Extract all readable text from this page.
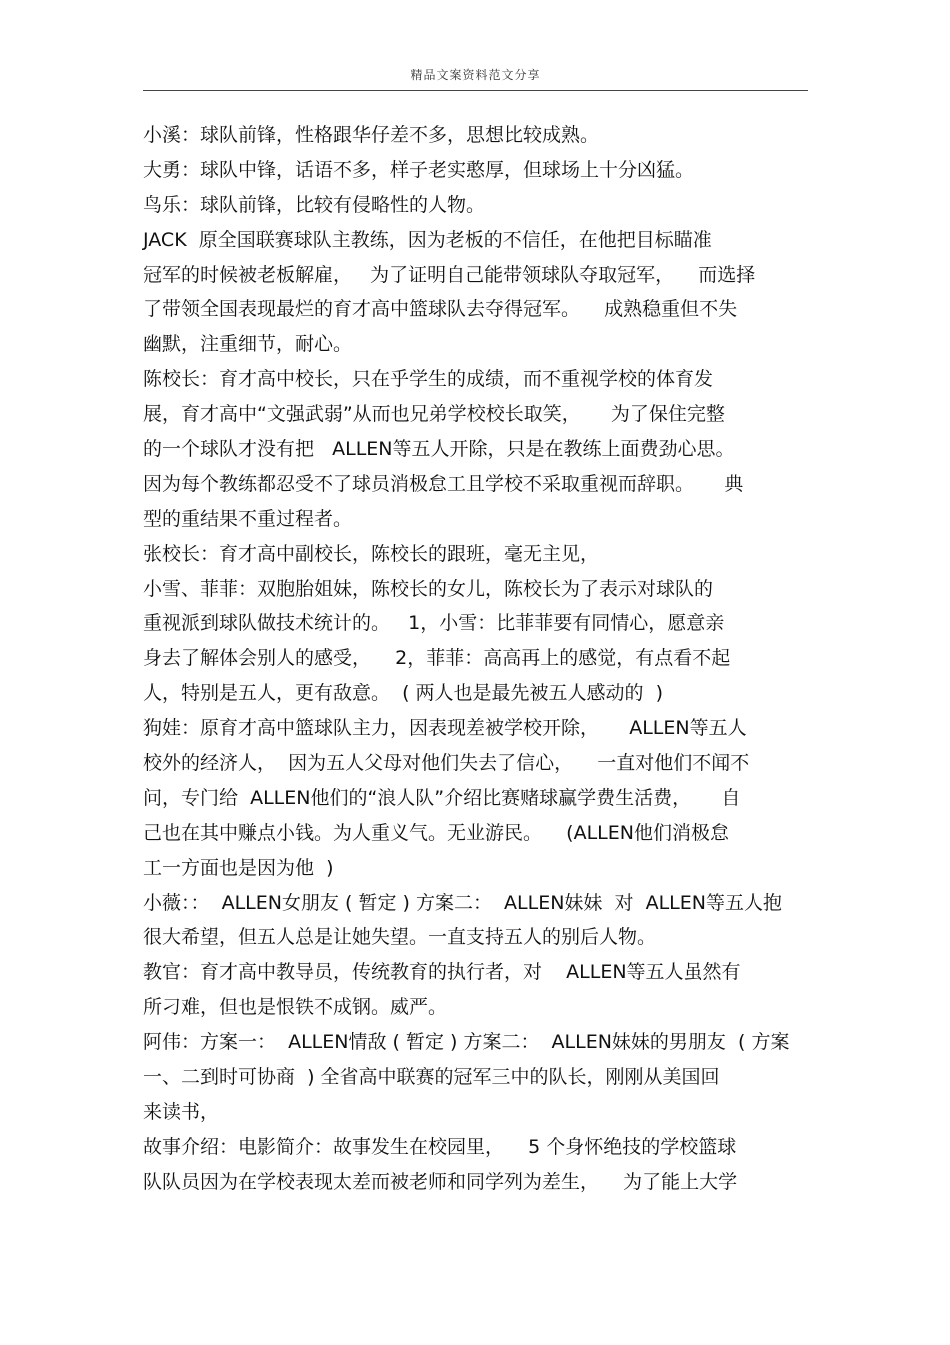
精品文案资料范文分享
小溪：球队前锋，性格跟华仔差不多，思想比较成熟。
大勇：球队中锋，话语不多，样子老实憨厚，但球场上十分凶猛。
鸟乐：球队前锋，比较有侵略性的人物。
JACK  原全国联赛球队主教练，因为老板的不信任，在他把目标瞄准
冠军的时候被老板解雇，   为了证明自己能带领球队夺取冠军，    而选择
了带领全国表现最烂的育才高中篮球队去夺得冠军。    成熟稳重但不失
幽默，注重细节，耐心。
陈校长：育才高中校长，只在乎学生的成绩，而不重视学校的体育发
展，育才高中“文强武弱”从而也兄弟学校校长取笑，     为了保住完整
的一个球队才没有把   ALLEN等五人开除，只是在教练上面费劲心思。
因为每个教练都忍受不了球员消极怠工且学校不采取重视而辞职。     典
型的重结果不重过程者。
张校长：育才高中副校长，陈校长的跟班，毫无主见，
小雪、菲菲：双胞胎姐妹，陈校长的女儿，陈校长为了表示对球队的
重视派到球队做技术统计的。   1，小雪：比菲菲要有同情心，愿意亲
身去了解体会别人的感受，    2，菲菲：高高再上的感觉，有点看不起
人，特别是五人，更有敌意。  ( 两人也是最先被五人感动的  )
狗娃：原育才高中篮球队主力，因表现差被学校开除，     ALLEN等五人
校外的经济人，  因为五人父母对他们失去了信心，    一直对他们不闻不
问，专门给  ALLEN他们的“浪人队”介绍比赛赌球赢学费生活费，     自
己也在其中赚点小钱。为人重义气。无业游民。    (ALLEN他们消极怠
工一方面也是因为他  )
小薇：：  ALLEN女朋友 ( 暂定 ) 方案二：  ALLEN妹妹  对  ALLEN等五人抱
很大希望，但五人总是让她失望。一直支持五人的别后人物。
教官：育才高中教导员，传统教育的执行者，对    ALLEN等五人虽然有
所刁难，但也是恨铁不成钢。威严。
阿伟：方案一：  ALLEN情敌 ( 暂定 ) 方案二：  ALLEN妹妹的男朋友  ( 方案
一、二到时可协商  ) 全省高中联赛的冠军三中的队长，刚刚从美国回
来读书，
故事介绍：电影简介：故事发生在校园里，    5 个身怀绝技的学校篮球
队队员因为在学校表现太差而被老师和同学列为差生，    为了能上大学
